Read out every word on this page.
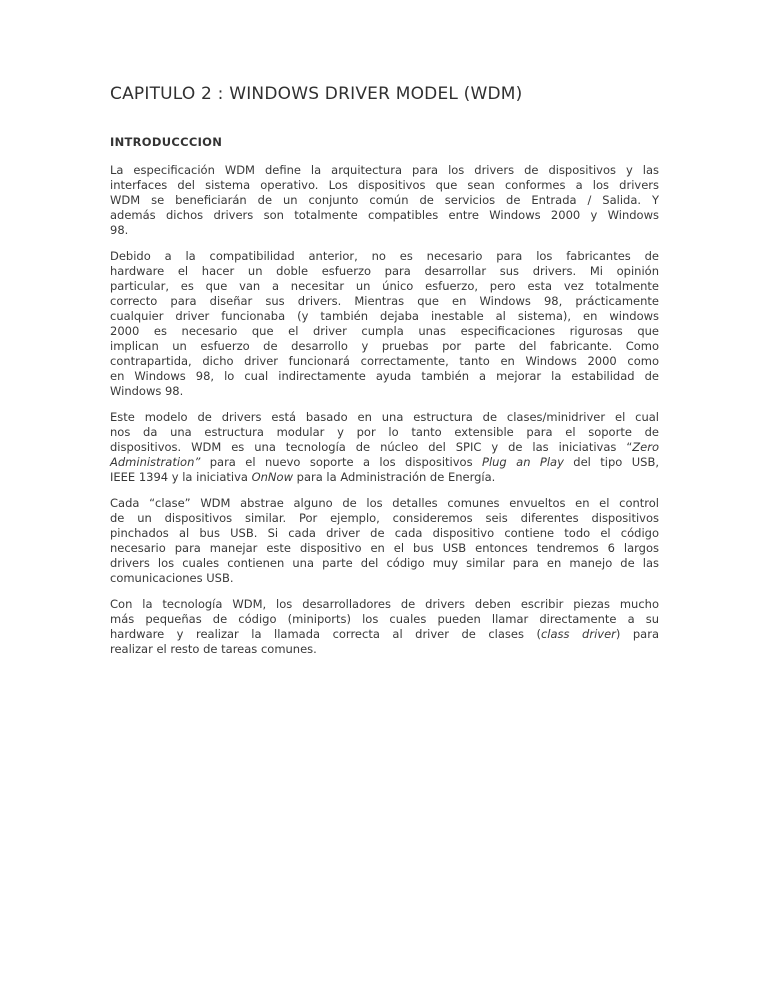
CAPITULO 2 : WINDOWS DRIVER MODEL (WDM)
INTRODUCCCION
La especificación WDM define la arquitectura para los drivers de dispositivos y las
interfaces del sistema operativo. Los dispositivos que sean conformes a los drivers
WDM se beneficiarán de un conjunto común de servicios de Entrada / Salida. Y
además dichos drivers son totalmente compatibles entre Windows 2000 y Windows
98.
Debido a la compatibilidad anterior, no es necesario para los fabricantes de
hardware el hacer un doble esfuerzo para desarrollar sus drivers. Mi opinión
particular, es que van a necesitar un único esfuerzo, pero esta vez totalmente
correcto para diseñar sus drivers. Mientras que en Windows 98, prácticamente
cualquier driver funcionaba (y también dejaba inestable al sistema), en windows
2000 es necesario que el driver cumpla unas especificaciones rigurosas que
implican un esfuerzo de desarrollo y pruebas por parte del fabricante. Como
contrapartida, dicho driver funcionará correctamente, tanto en Windows 2000 como
en Windows 98, lo cual indirectamente ayuda también a mejorar la estabilidad de
Windows 98.
Este modelo de drivers está basado en una estructura de clases/minidriver el cual
nos da una estructura modular y por lo tanto extensible para el soporte de
dispositivos. WDM es una tecnología de núcleo del SPIC y de las iniciativas “Zero
Administration” para el nuevo soporte a los dispositivos Plug an Play del tipo USB,
IEEE 1394 y la iniciativa OnNow para la Administración de Energía.
Cada “clase” WDM abstrae alguno de los detalles comunes envueltos en el control
de un dispositivos similar. Por ejemplo, consideremos seis diferentes dispositivos
pinchados al bus USB. Si cada driver de cada dispositivo contiene todo el código
necesario para manejar este dispositivo en el bus USB entonces tendremos 6 largos
drivers los cuales contienen una parte del código muy similar para en manejo de las
comunicaciones USB.
Con la tecnología WDM, los desarrolladores de drivers deben escribir piezas mucho
más pequeñas de código (miniports) los cuales pueden llamar directamente a su
hardware y realizar la llamada correcta al driver de clases (class driver) para
realizar el resto de tareas comunes.
